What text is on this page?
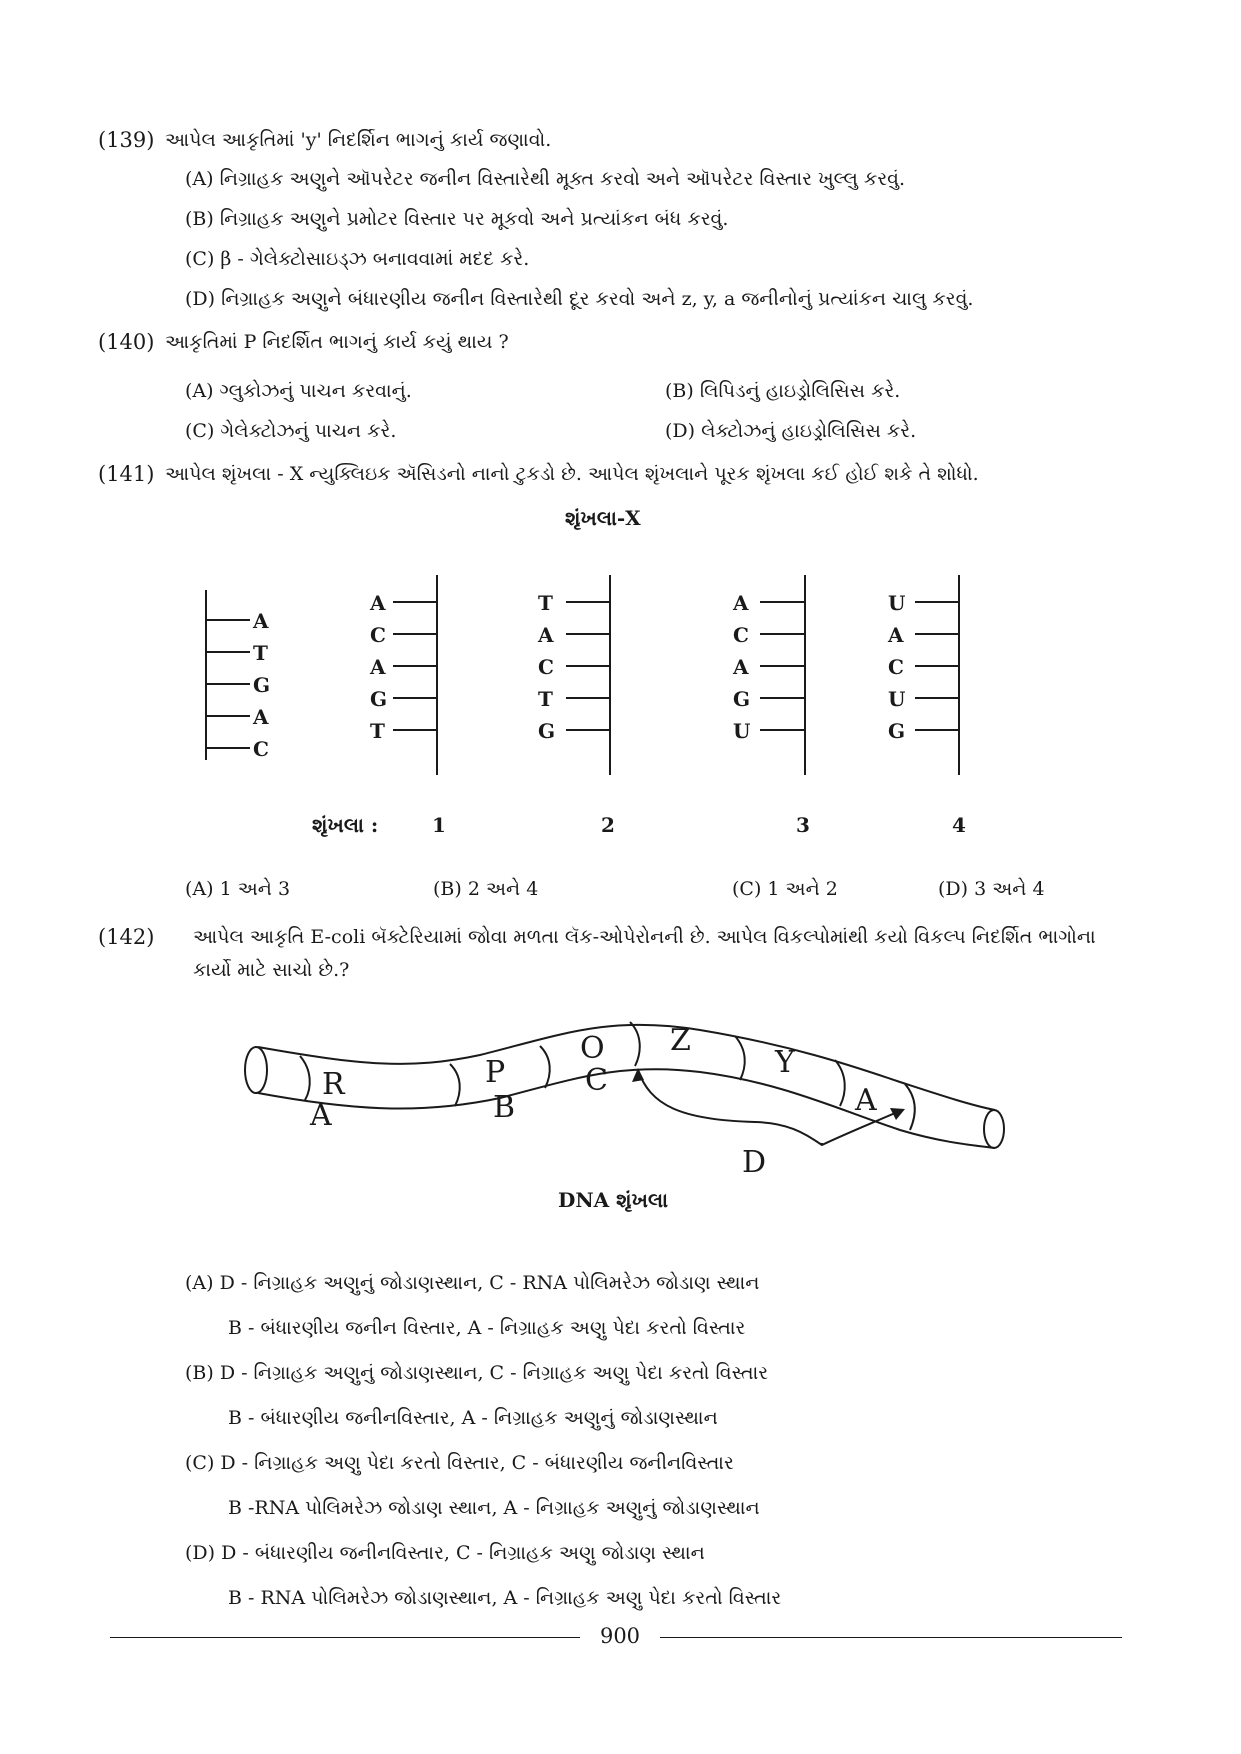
(139) આપેલ આકૃતિમાં 'y' નિદર્શિન ભાગનું કાર્ય જણાવો.
(A) નિગ્રાહક અણુને ઑપરેટર જનીન વિસ્તારેથી મૂક્ત કરવો અને ઑપરેટર વિસ્તાર ખુલ્લુ કરવું.
(B) નિગ્રાહક અણુને પ્રમોટર વિસ્તાર પર મૂકવો અને પ્રત્યાંકન બંધ કરવું.
(C) β - ગેલેક્ટોસાઇડ્ઝ બનાવવામાં મદદ કરે.
(D) નિગ્રાહક અણુને બંધારણીય જનીન વિસ્તારેથી દૂર કરવો અને z, y, a જનીનોનું પ્રત્યાંકન ચાલુ કરવું.
(140) આકૃતિમાં P નિદર્શિત ભાગનું કાર્ય કયું થાય ?
(A) ગ્લુકોઝનું પાચન કરવાનું.	(B) લિપિડનું હાઇડ્રોલિસિસ કરે.
(C) ગેલેક્ટોઝનું પાચન કરે.	(D) લેક્ટોઝનું હાઇડ્રોલિસિસ કરે.
(141) આપેલ શૃંખલા - X ન્યુક્લિઇક ઍસિડનો નાનો ટુકડો છે. આપેલ શૃંખલાને પૂરક શૃંખલા કઈ હોઈ શકે તે શોધો.
શૃંખલા-X
A
T
G
A
C
A
C
A
G
T
T
A
C
T
G
A
C
A
G
U
U
A
C
U
G
શૃંખલા :	1	2	3	4
(A) 1 અને 3	(B) 2 અને 4	(C) 1 અને 2	(D) 3 અને 4
(142) આપેલ આકૃતિ E-coli બૅક્ટેરિયામાં જોવા મળતા લૅક-ઓપેરોનની છે. આપેલ વિકલ્પોમાંથી કયો વિકલ્પ નિદર્શિત ભાગોના
કાર્યો માટે સાચો છે.?
R	P
O Z
Y
A
A	B
C
D
DNA શૃંખલા
(A) D - નિગ્રાહક અણુનું જોડાણસ્થાન, C - RNA પોલિમરેઝ જોડાણ સ્થાન
B - બંધારણીય જનીન વિસ્તાર, A - નિગ્રાહક અણુ પેદા કરતો વિસ્તાર
(B) D - નિગ્રાહક અણુનું જોડાણસ્થાન, C - નિગ્રાહક અણુ પેદા કરતો વિસ્તાર
B - બંધારણીય જનીનવિસ્તાર, A - નિગ્રાહક અણુનું જોડાણસ્થાન
(C) D - નિગ્રાહક અણુ પેદા કરતો વિસ્તાર, C - બંધારણીય જનીનવિસ્તાર
B -RNA પોલિમરેઝ જોડાણ સ્થાન, A - નિગ્રાહક અણુનું જોડાણસ્થાન
(D) D - બંધારણીય જનીનવિસ્તાર, C - નિગ્રાહક અણુ જોડાણ સ્થાન
B - RNA પોલિમરેઝ જોડાણસ્થાન, A - નિગ્રાહક અણુ પેદા કરતો વિસ્તાર
900
